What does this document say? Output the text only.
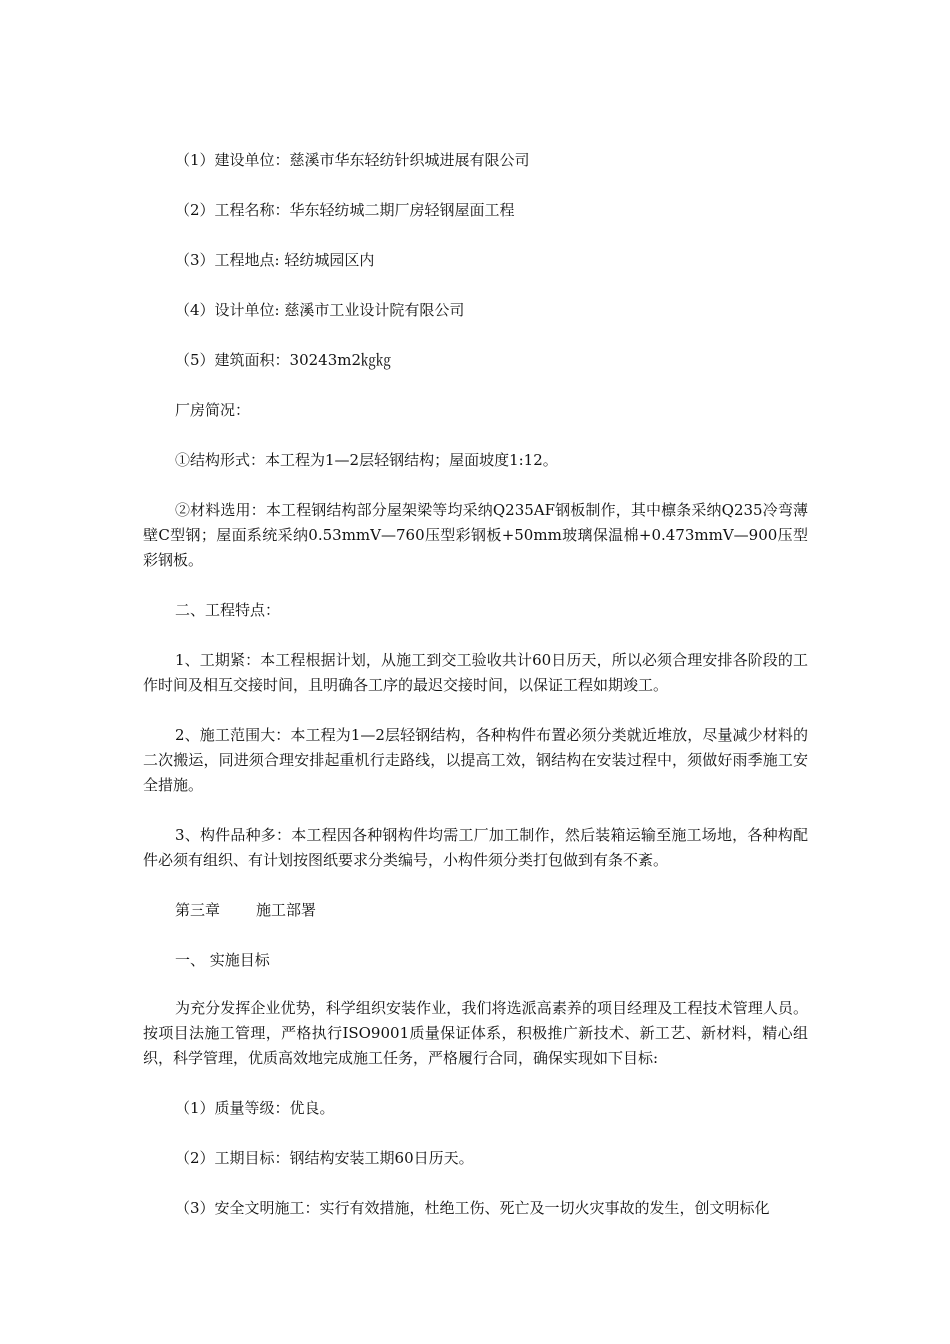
（1）建设单位：慈溪市华东轻纺针织城进展有限公司

（2）工程名称：华东轻纺城二期厂房轻钢屋面工程

（3）工程地点: 轻纺城园区内

（4）设计单位: 慈溪市工业设计院有限公司

（5）建筑面积：30243m2㎏㎏

厂房简况：

①结构形式：本工程为1—2层轻钢结构；屋面坡度1:12。

②材料选用：本工程钢结构部分屋架梁等均采纳Q235AF钢板制作，其中檩条采纳Q235冷弯薄壁C型钢；屋面系统采纳0.53mmV—760压型彩钢板+50mm玻璃保温棉+0.473mmV—900压型彩钢板。

二、工程特点：

1、工期紧：本工程根据计划，从施工到交工验收共计60日历天，所以必须合理安排各阶段的工作时间及相互交接时间，且明确各工序的最迟交接时间，以保证工程如期竣工。

2、施工范围大：本工程为1—2层轻钢结构，各种构件布置必须分类就近堆放，尽量减少材料的二次搬运，同进须合理安排起重机行走路线，以提高工效，钢结构在安装过程中，须做好雨季施工安全措施。

3、构件品种多：本工程因各种钢构件均需工厂加工制作，然后装箱运输至施工场地，各种构配件必须有组织、有计划按图纸要求分类编号，小构件须分类打包做到有条不紊。

第三章 施工部署

一、 实施目标

为充分发挥企业优势，科学组织安装作业，我们将选派高素养的项目经理及工程技术管理人员。按项目法施工管理，严格执行ISO9001质量保证体系，积极推广新技术、新工艺、新材料，精心组织，科学管理，优质高效地完成施工任务，严格履行合同，确保实现如下目标:

（1）质量等级：优良。

（2）工期目标：钢结构安装工期60日历天。

（3）安全文明施工：实行有效措施，杜绝工伤、死亡及一切火灾事故的发生，创文明标化
